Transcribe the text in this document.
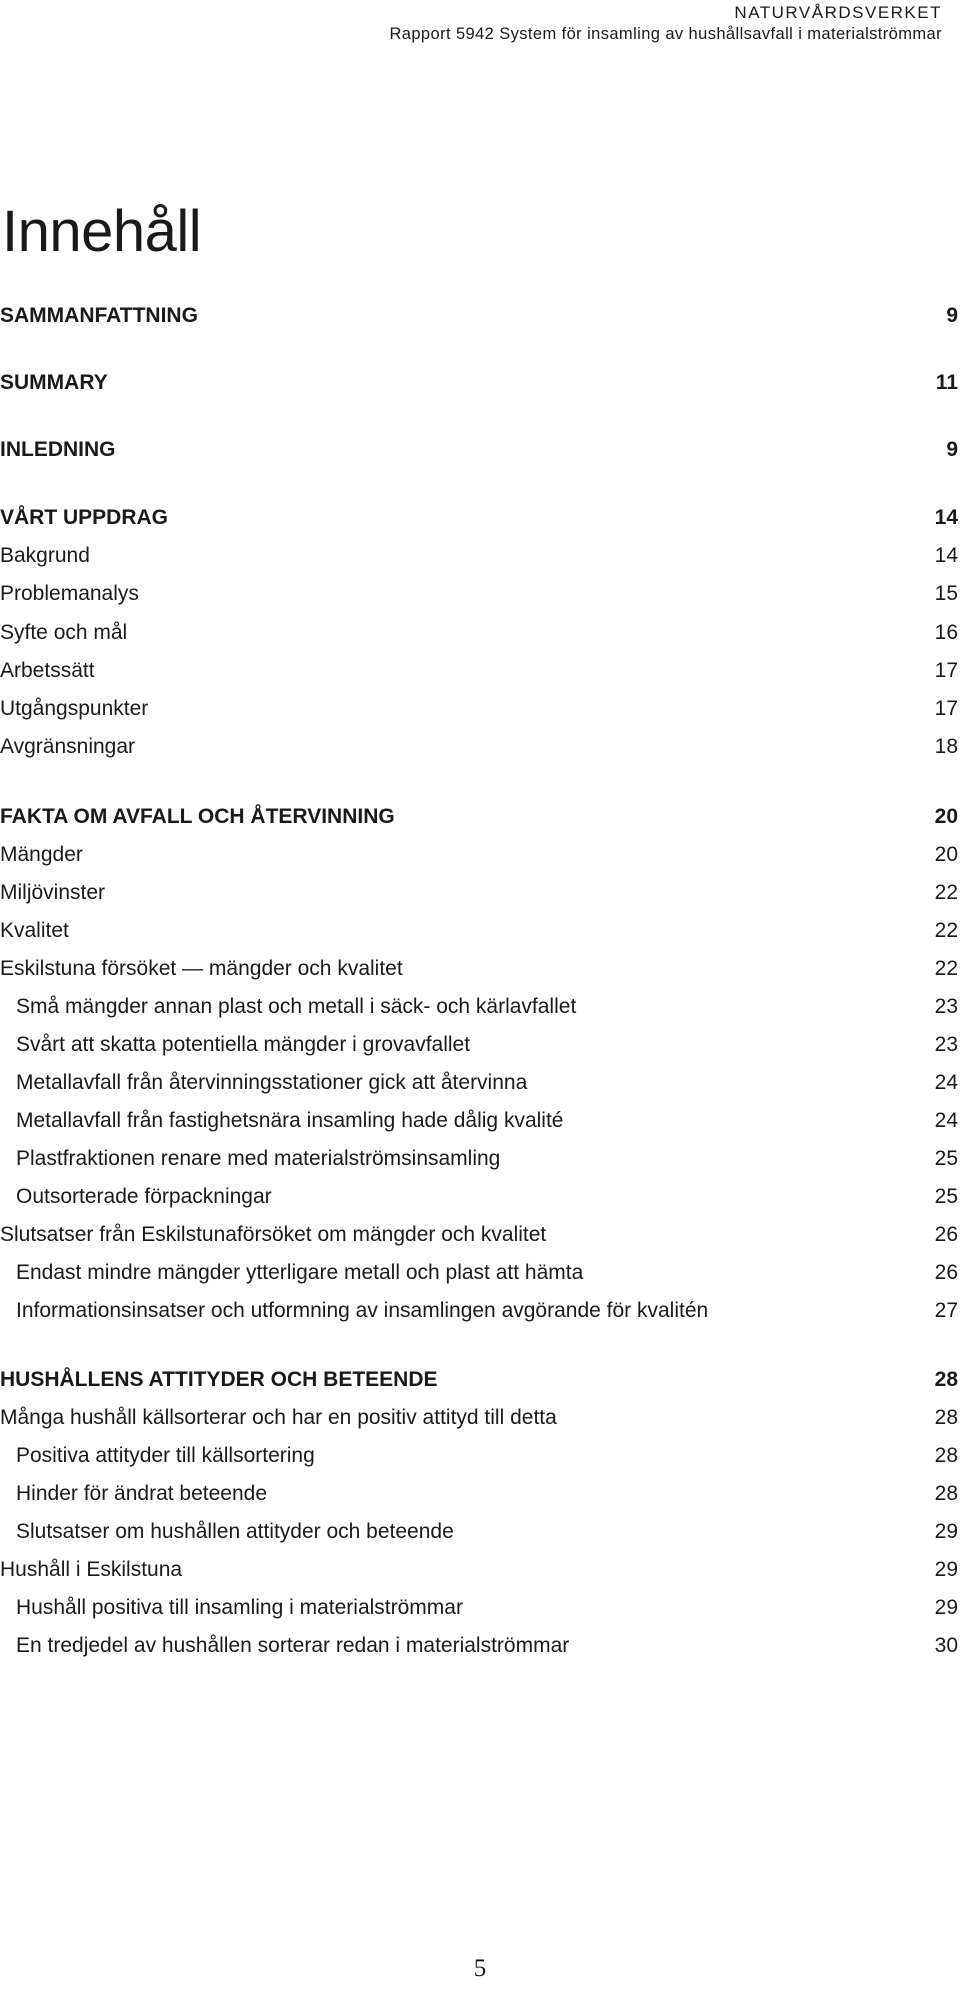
NATURVÅRDSVERKET
Rapport 5942 System för insamling av hushållsavfall i materialströmmar
Innehåll
SAMMANFATTNING	9
SUMMARY	11
INLEDNING	9
VÅRT UPPDRAG	14
Bakgrund	14
Problemanalys	15
Syfte och mål	16
Arbetssätt	17
Utgångspunkter	17
Avgränsningar	18
FAKTA OM AVFALL OCH ÅTERVINNING	20
Mängder	20
Miljövinster	22
Kvalitet	22
Eskilstuna försöket — mängder och kvalitet	22
Små mängder annan plast och metall i säck- och kärlavfallet	23
Svårt att skatta potentiella mängder i grovavfallet	23
Metallavfall från återvinningsstationer gick att återvinna	24
Metallavfall från fastighetsnära insamling hade dålig kvalité	24
Plastfraktionen renare med materialströmsinsamling	25
Outsorterade förpackningar	25
Slutsatser från Eskilstunaförsöket om mängder och kvalitet	26
Endast mindre mängder ytterligare metall och plast att hämta	26
Informationsinsatser och utformning av insamlingen avgörande för kvalitén	27
HUSHÅLLENS ATTITYDER OCH BETEENDE	28
Många hushåll källsorterar och har en positiv attityd till detta	28
Positiva attityder till källsortering	28
Hinder för ändrat beteende	28
Slutsatser om hushållen attityder och beteende	29
Hushåll i Eskilstuna	29
Hushåll positiva till insamling i materialströmmar	29
En tredjedel av hushållen sorterar redan i materialströmmar	30
5
